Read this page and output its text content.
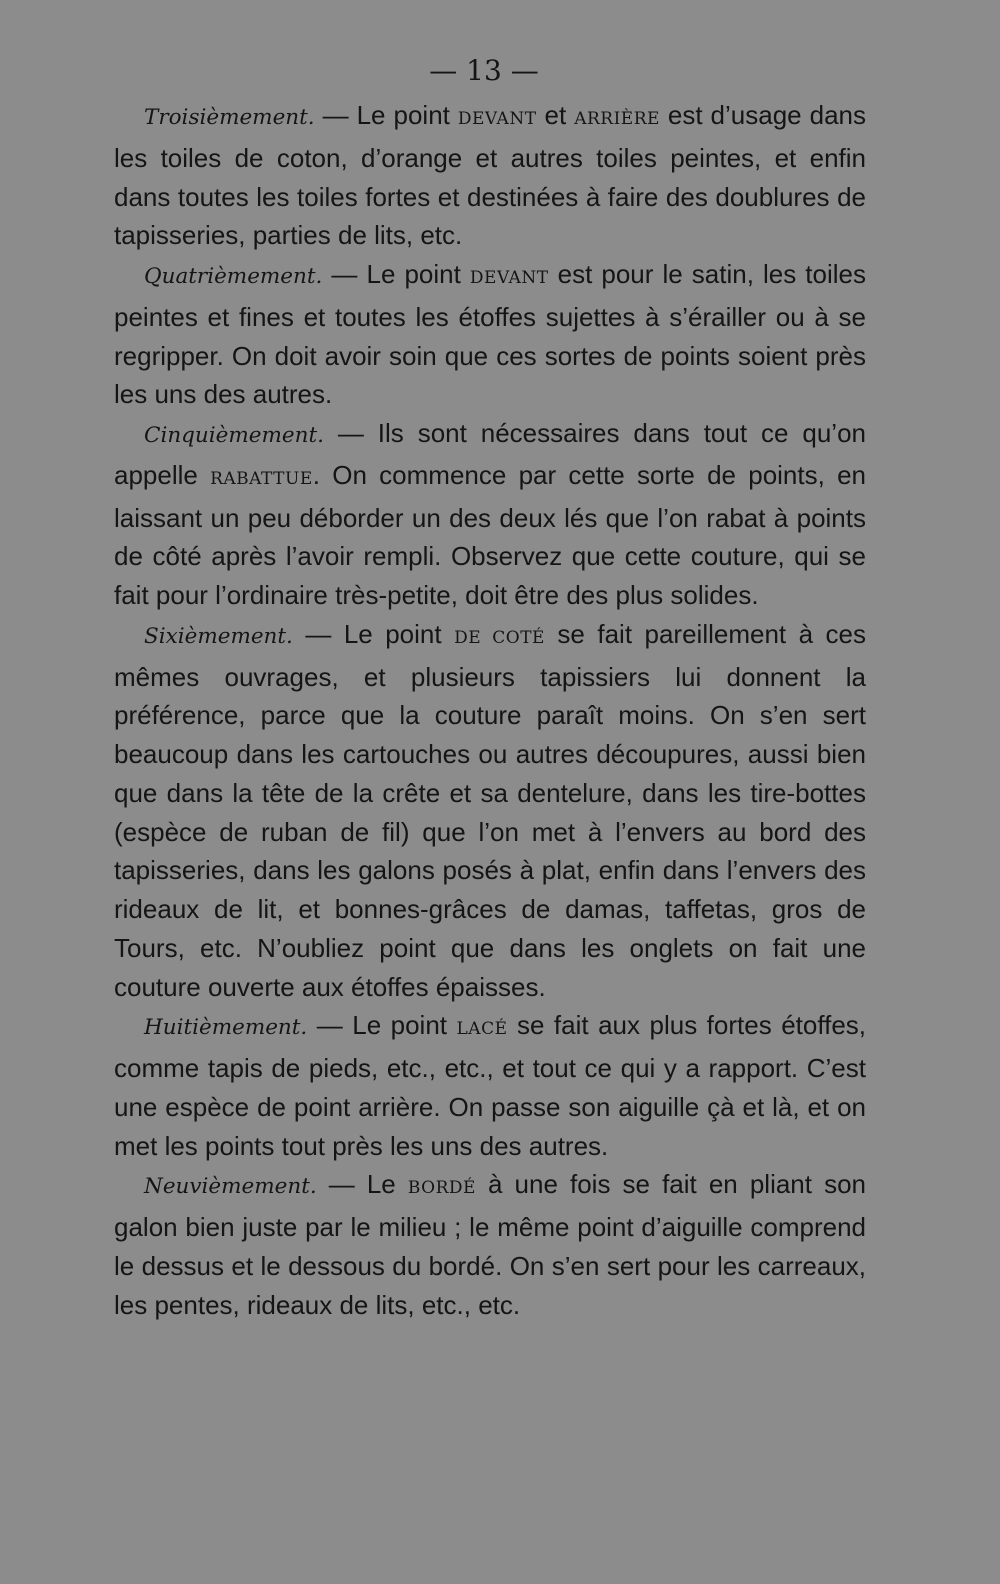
— 13 —

Troisièmement. — Le point DEVANT et ARRIÈRE est d’usage dans les toiles de coton, d’orange et autres toiles peintes, et enfin dans toutes les toiles fortes et destinées à faire des doublures de tapisseries, parties de lits, etc.

Quatrièmement. — Le point DEVANT est pour le satin, les toiles peintes et fines et toutes les étoffes sujettes à s’érailler ou à se regripper. On doit avoir soin que ces sortes de points soient près les uns des autres.

Cinquièmement. — Ils sont nécessaires dans tout ce qu’on appelle RABATTUE. On commence par cette sorte de points, en laissant un peu déborder un des deux lés que l’on rabat à points de côté après l’avoir rempli. Observez que cette couture, qui se fait pour l’ordinaire très-petite, doit être des plus solides.

Sixièmement. — Le point DE COTÉ se fait pareillement à ces mêmes ouvrages, et plusieurs tapissiers lui donnent la préférence, parce que la couture paraît moins. On s’en sert beaucoup dans les cartouches ou autres découpures, aussi bien que dans la tête de la crête et sa dentelure, dans les tire-bottes (espèce de ruban de fil) que l’on met à l’envers au bord des tapisseries, dans les galons posés à plat, enfin dans l’envers des rideaux de lit, et bonnes-grâces de damas, taffetas, gros de Tours, etc. N’oubliez point que dans les onglets on fait une couture ouverte aux étoffes épaisses.

Huitièmement. — Le point LACÉ se fait aux plus fortes étoffes, comme tapis de pieds, etc., etc., et tout ce qui y a rapport. C’est une espèce de point arrière. On passe son aiguille çà et là, et on met les points tout près les uns des autres.

Neuvièmement. — Le BORDÉ à une fois se fait en pliant son galon bien juste par le milieu ; le même point d’aiguille comprend le dessus et le dessous du bordé. On s’en sert pour les carreaux, les pentes, rideaux de lits, etc., etc.
